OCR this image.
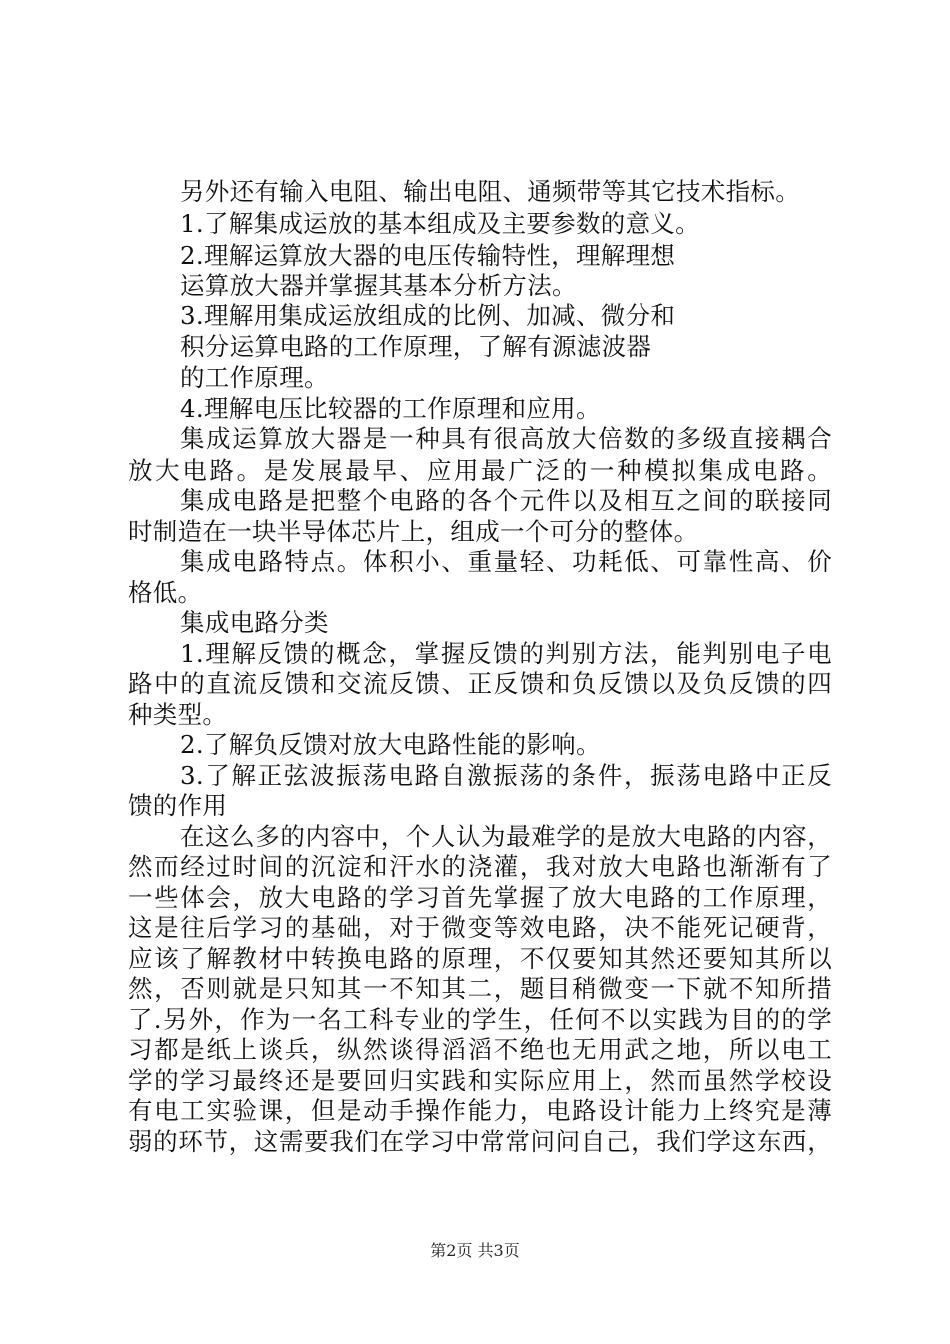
另外还有输入电阻、输出电阻、通频带等其它技术指标。
1.了解集成运放的基本组成及主要参数的意义。
2.理解运算放大器的电压传输特性，理解理想
运算放大器并掌握其基本分析方法。
3.理解用集成运放组成的比例、加减、微分和
积分运算电路的工作原理，了解有源滤波器
的工作原理。
4.理解电压比较器的工作原理和应用。
集成运算放大器是一种具有很高放大倍数的多级直接耦合
放大电路。是发展最早、应用最广泛的一种模拟集成电路。
集成电路是把整个电路的各个元件以及相互之间的联接同
时制造在一块半导体芯片上，组成一个可分的整体。
集成电路特点。体积小、重量轻、功耗低、可靠性高、价
格低。
集成电路分类
1.理解反馈的概念，掌握反馈的判别方法，能判别电子电
路中的直流反馈和交流反馈、正反馈和负反馈以及负反馈的四
种类型。
2.了解负反馈对放大电路性能的影响。
3.了解正弦波振荡电路自激振荡的条件，振荡电路中正反
馈的作用
在这么多的内容中，个人认为最难学的是放大电路的内容，
然而经过时间的沉淀和汗水的浇灌，我对放大电路也渐渐有了
一些体会，放大电路的学习首先掌握了放大电路的工作原理，
这是往后学习的基础，对于微变等效电路，决不能死记硬背，
应该了解教材中转换电路的原理，不仅要知其然还要知其所以
然，否则就是只知其一不知其二，题目稍微变一下就不知所措
了.另外，作为一名工科专业的学生，任何不以实践为目的的学
习都是纸上谈兵，纵然谈得滔滔不绝也无用武之地，所以电工
学的学习最终还是要回归实践和实际应用上，然而虽然学校设
有电工实验课，但是动手操作能力，电路设计能力上终究是薄
弱的环节，这需要我们在学习中常常问问自己，我们学这东西，
第2页 共3页
